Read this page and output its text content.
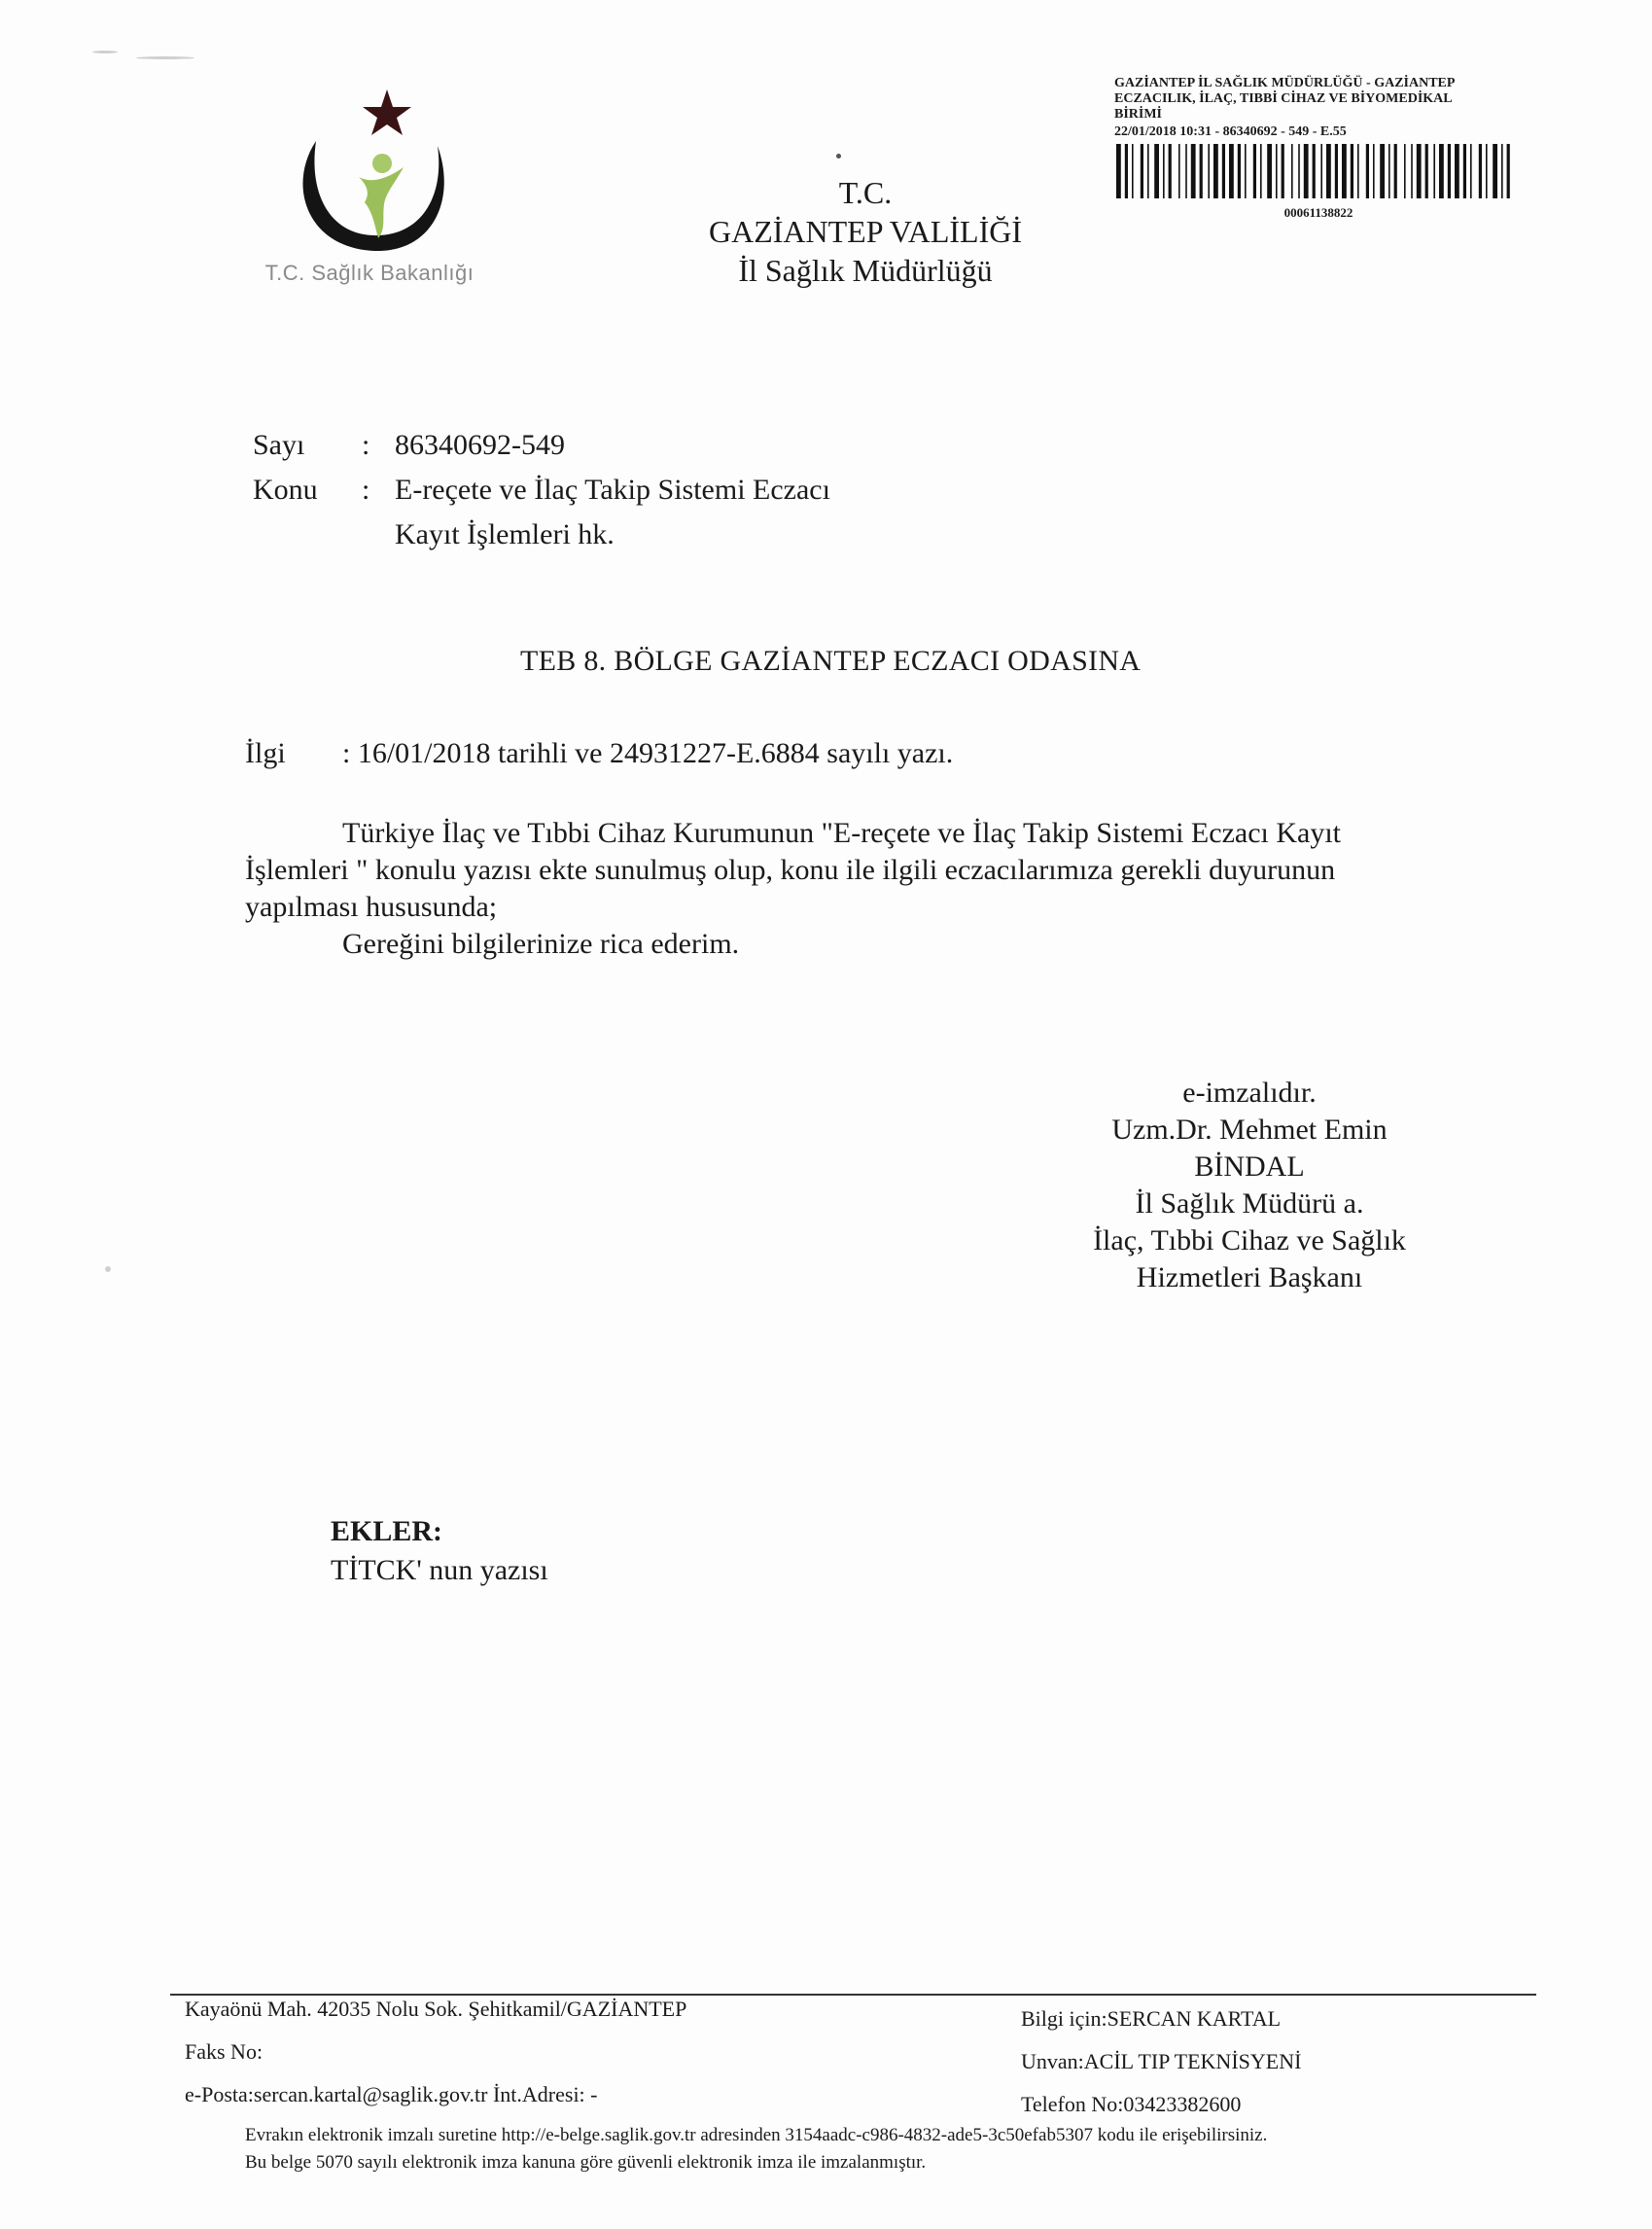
T.C. Sağlık Bakanlığı
T.C.
GAZİANTEP VALİLİĞİ
İl Sağlık Müdürlüğü
GAZİANTEP İL SAĞLIK MÜDÜRLÜĞÜ - GAZİANTEP
ECZACILIK, İLAÇ, TIBBİ CİHAZ VE BİYOMEDİKAL
BİRİMİ
22/01/2018 10:31 - 86340692 - 549 - E.55
00061138822
Sayı	: 86340692-549
Konu	: E-reçete ve İlaç Takip Sistemi Eczacı
Kayıt İşlemleri hk.
TEB 8. BÖLGE GAZİANTEP ECZACI ODASINA
İlgi	: 16/01/2018 tarihli ve 24931227-E.6884 sayılı yazı.

Türkiye İlaç ve Tıbbi Cihaz Kurumunun "E-reçete ve İlaç Takip Sistemi Eczacı Kayıt İşlemleri " konulu yazısı ekte sunulmuş olup, konu ile ilgili eczacılarımıza gerekli duyurunun yapılması hususunda;

Gereğini bilgilerinize rica ederim.

e-imzalıdır.
Uzm.Dr. Mehmet Emin
BİNDAL
İl Sağlık Müdürü a.
İlaç, Tıbbi Cihaz ve Sağlık
Hizmetleri Başkanı
EKLER:
TİTCK' nun yazısı
Kayaönü Mah. 42035 Nolu Sok. Şehitkamil/GAZİANTEP
Faks No:
e-Posta:sercan.kartal@saglik.gov.tr İnt.Adresi: -
Bilgi için:SERCAN KARTAL
Unvan:ACİL TIP TEKNİSYENİ
Telefon No:03423382600
Evrakın elektronik imzalı suretine http://e-belge.saglik.gov.tr adresinden 3154aadc-c986-4832-ade5-3c50efab5307 kodu ile erişebilirsiniz.
Bu belge 5070 sayılı elektronik imza kanuna göre güvenli elektronik imza ile imzalanmıştır.
